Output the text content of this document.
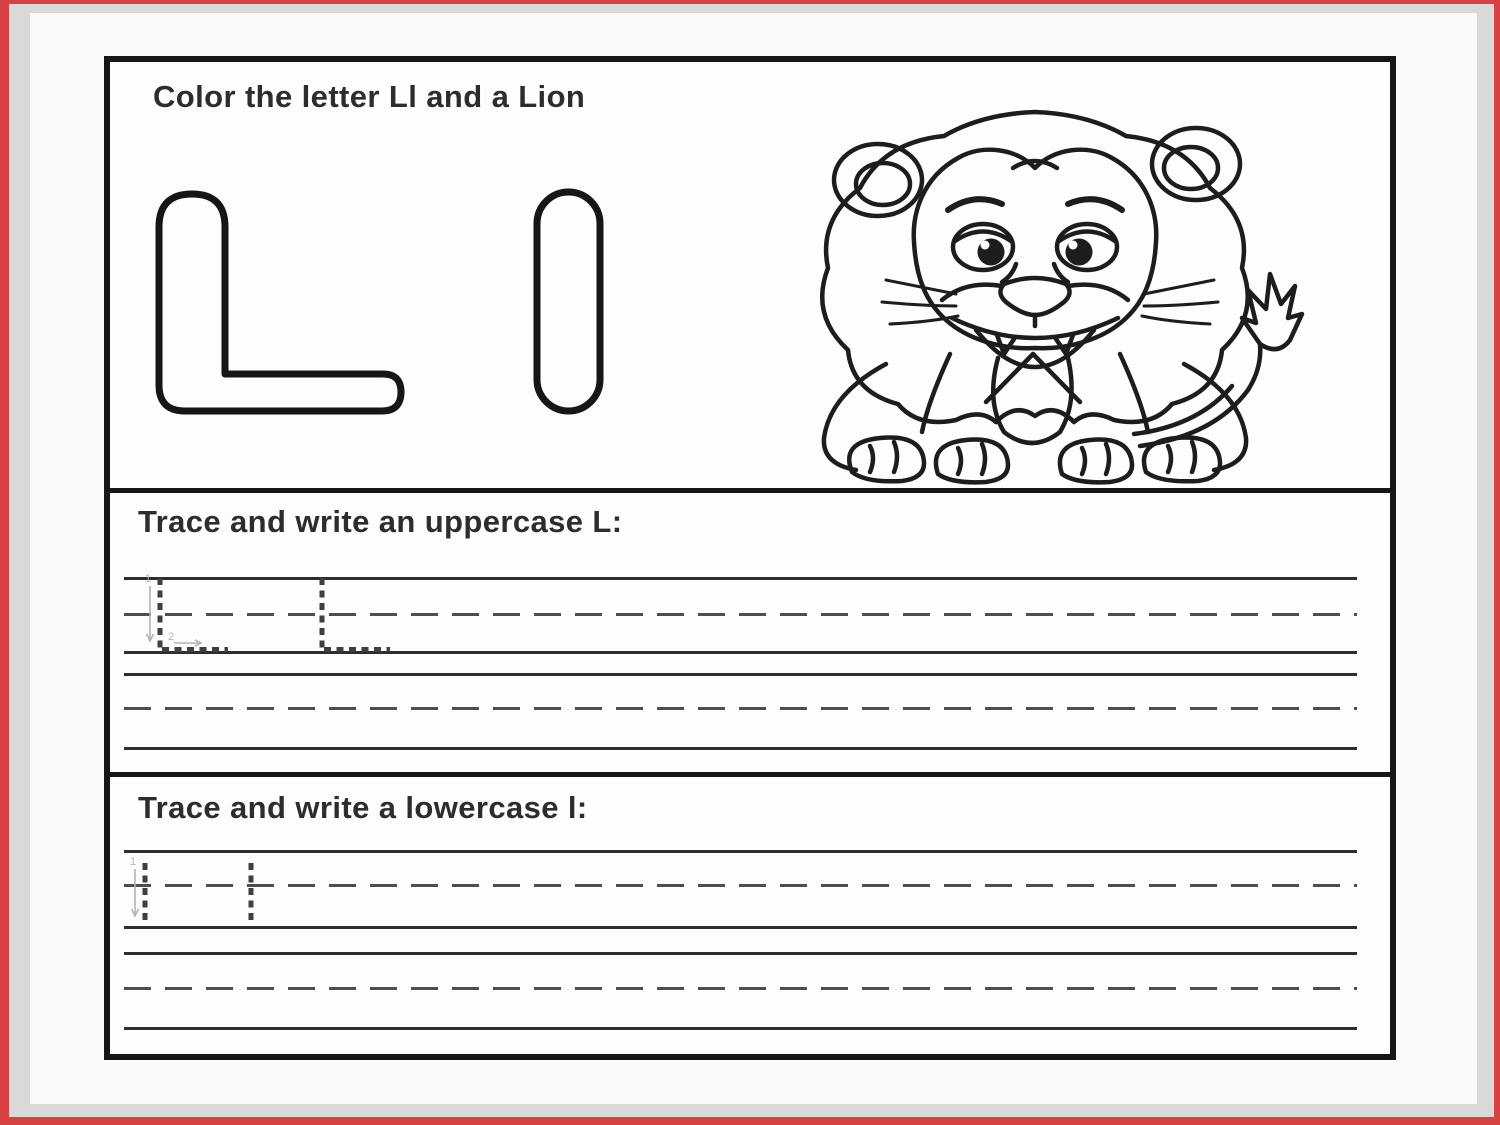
Color the letter Ll and a Lion
Trace and write an uppercase L:
1
2
Trace and write a lowercase l:
1
